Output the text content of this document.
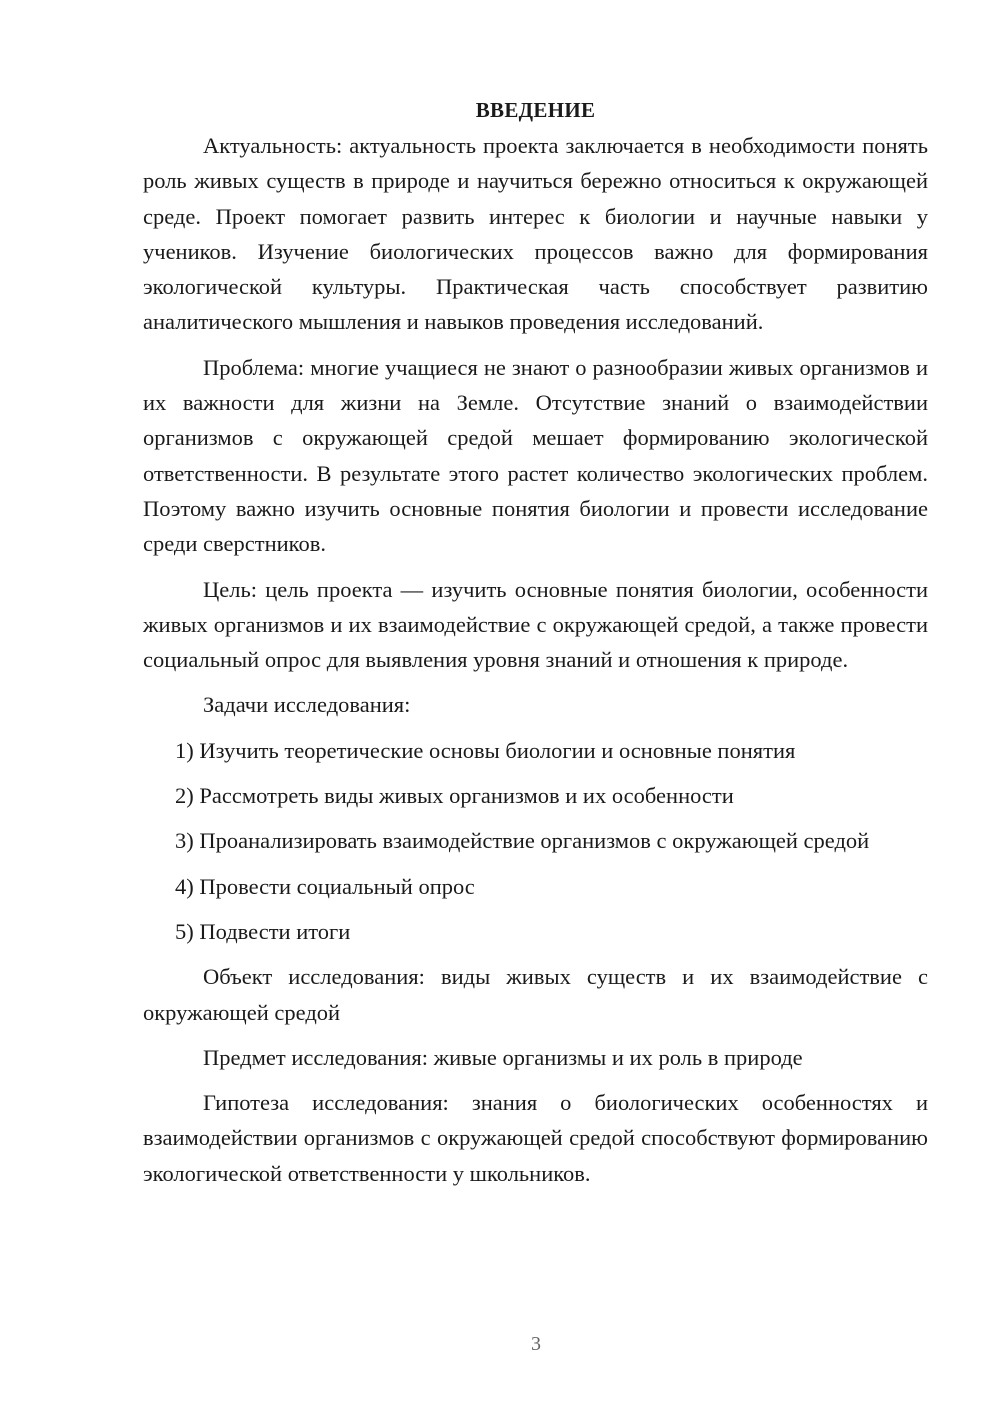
ВВЕДЕНИЕ

Актуальность: актуальность проекта заключается в необходимости понять роль живых существ в природе и научиться бережно относиться к окружающей среде. Проект помогает развить интерес к биологии и научные навыки у учеников. Изучение биологических процессов важно для формирования экологической культуры. Практическая часть способствует развитию аналитического мышления и навыков проведения исследований.

Проблема: многие учащиеся не знают о разнообразии живых организмов и их важности для жизни на Земле. Отсутствие знаний о взаимодействии организмов с окружающей средой мешает формированию экологической ответственности. В результате этого растет количество экологических проблем. Поэтому важно изучить основные понятия биологии и провести исследование среди сверстников.

Цель: цель проекта — изучить основные понятия биологии, особенности живых организмов и их взаимодействие с окружающей средой, а также провести социальный опрос для выявления уровня знаний и отношения к природе.

Задачи исследования:

1) Изучить теоретические основы биологии и основные понятия

2) Рассмотреть виды живых организмов и их особенности

3) Проанализировать взаимодействие организмов с окружающей средой

4) Провести социальный опрос

5) Подвести итоги

Объект исследования: виды живых существ и их взаимодействие с окружающей средой

Предмет исследования: живые организмы и их роль в природе

Гипотеза исследования: знания о биологических особенностях и взаимодействии организмов с окружающей средой способствуют формированию экологической ответственности у школьников.

3
